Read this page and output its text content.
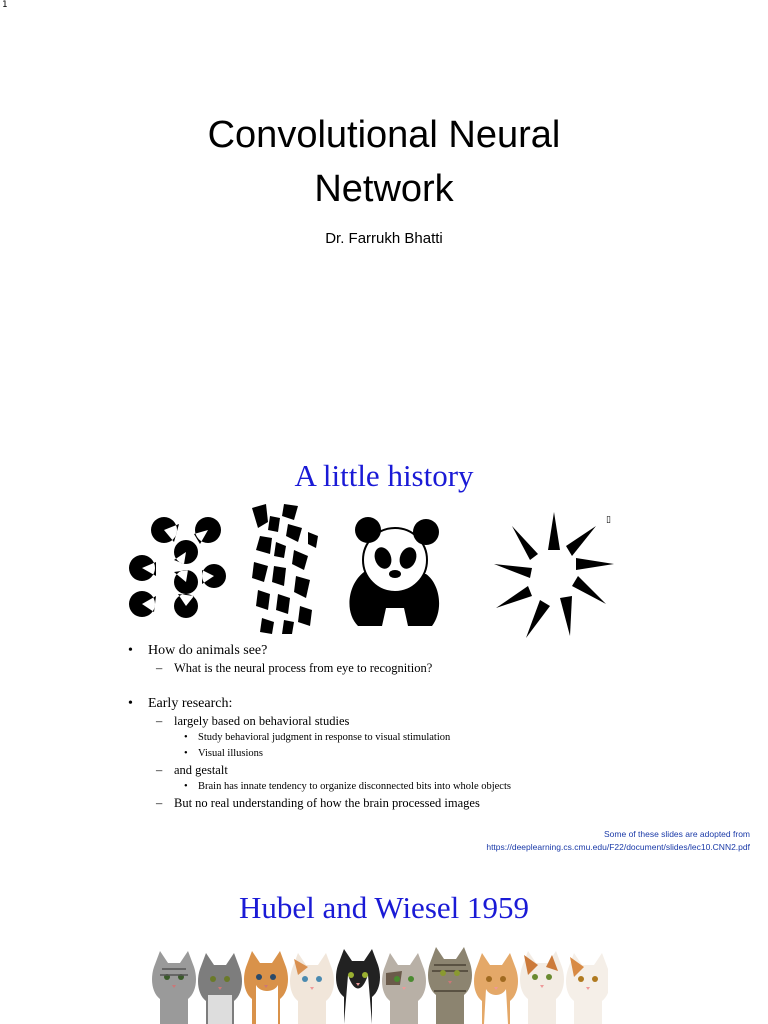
1
Convolutional Neural
Network
Dr. Farrukh Bhatti
A little history
▯

• How do animals see?

– What is the neural process from eye to recognition?

• Early research:

– largely based on behavioral studies

• Study behavioral judgment in response to visual stimulation

• Visual illusions

– and gestalt

• Brain has innate tendency to organize disconnected bits into whole objects

– But no real understanding of how the brain processed images

Some of these slides are adopted from
https://deeplearning.cs.cmu.edu/F22/document/slides/lec10.CNN2.pdf
Hubel and Wiesel 1959
